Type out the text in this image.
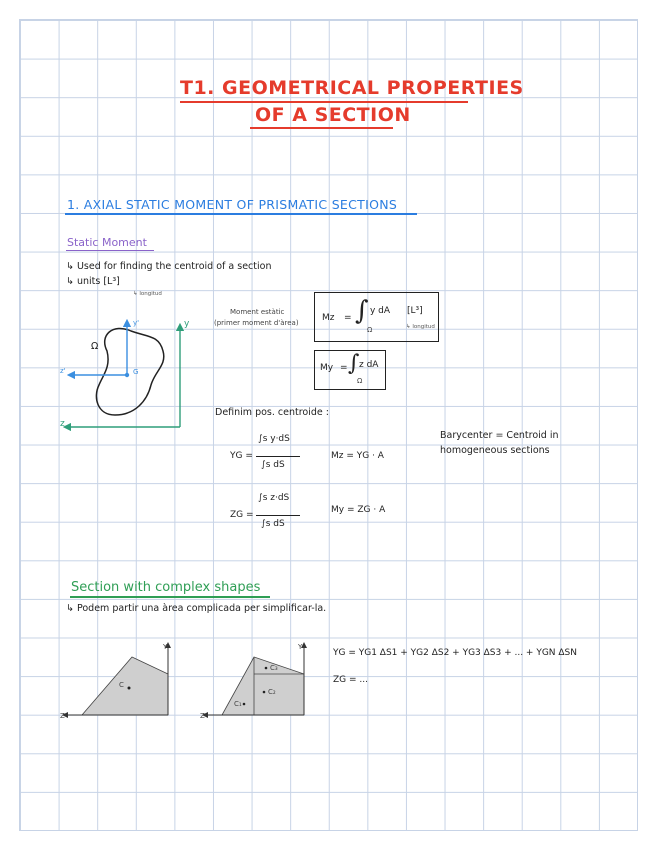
T1. GEOMETRICAL PROPERTIES
OF A SECTION
1. AXIAL STATIC MOMENT OF PRISMATIC SECTIONS
Static Moment
↳ Used for finding the centroid of a section
↳ units [L³]
↳ longitud
Ω
y'	y
z'
z
G
Moment estàtic
(primer moment d'àrea)	Mz = ∫ y dA [L³]
Ω	↳ longitud
My = ∫ z dA
Ω
Definim pos. centroide :
YG =
∫s y·dS
∫s dS
Mz = YG · A
ZG =
∫s z·dS
∫s dS
My = ZG · A
Barycenter = Centroid in
homogeneous sections
Section with complex shapes
↳ Podem partir una àrea complicada per simplificar-la.
Y
Z
C
Y
Z
C₃
C₂
C₁
YG = YG1 ΔS1 + YG2 ΔS2 + YG3 ΔS3 + ... + YGN ΔSN
ZG = ...
